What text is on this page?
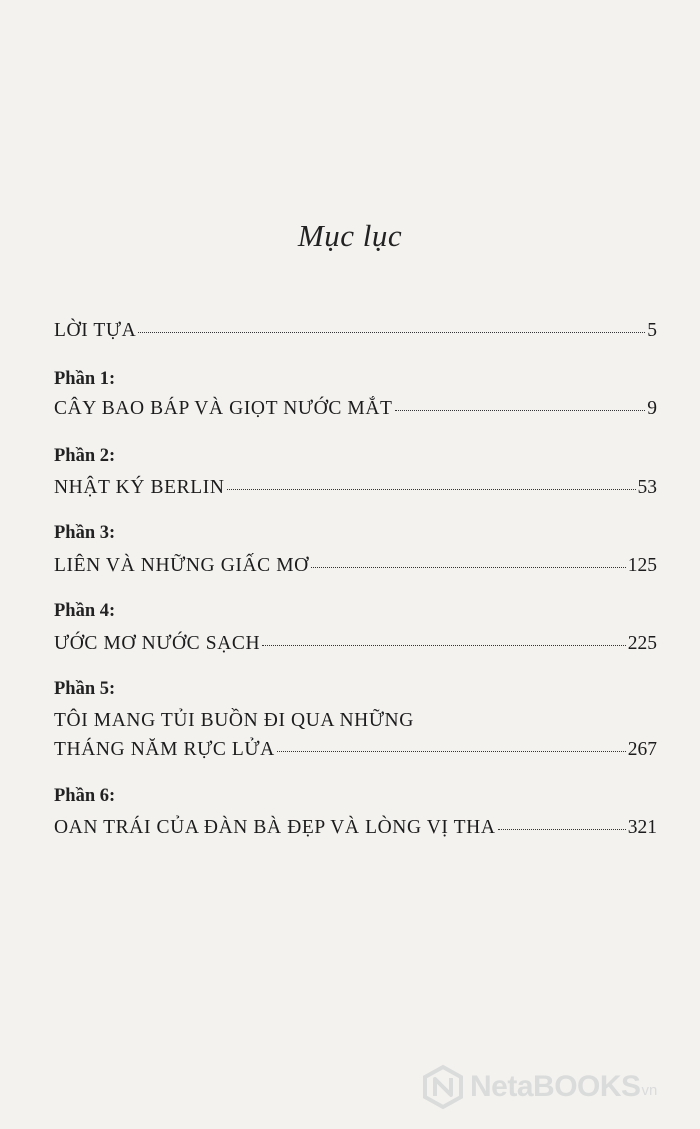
Mục lục
LỜI TỰA	5
Phần 1:
CÂY BAO BÁP VÀ GIỌT NƯỚC MẮT	9
Phần 2:
NHẬT KÝ BERLIN	53
Phần 3:
LIÊN VÀ NHỮNG GIẤC MƠ	125
Phần 4:
ƯỚC MƠ NƯỚC SẠCH	225
Phần 5:
TÔI MANG TỦI BUỒN ĐI QUA NHỮNG
THÁNG NĂM RỰC LỬA	267
Phần 6:
OAN TRÁI CỦA ĐÀN BÀ ĐẸP VÀ LÒNG VỊ THA	321
NetaBOOKS vn
